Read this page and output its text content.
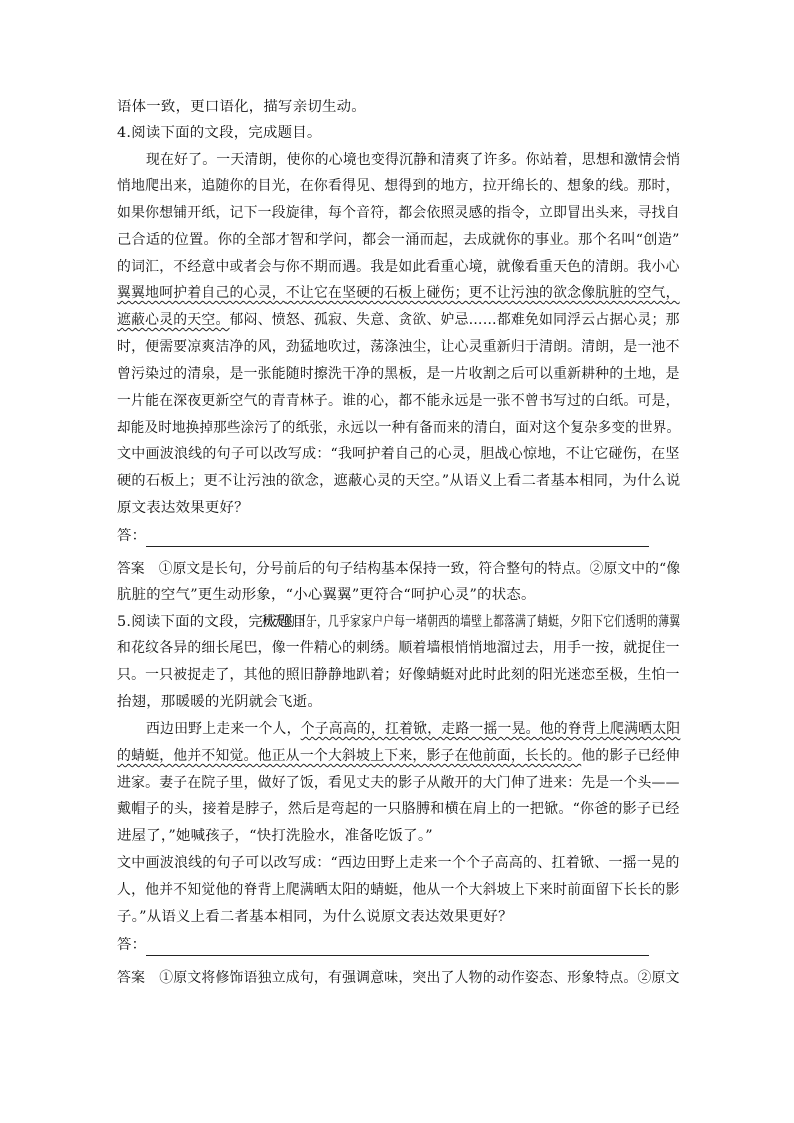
语体一致，更口语化，描写亲切生动。
4.阅读下面的文段，完成题目。
现在好了。一天清朗，使你的心境也变得沉静和清爽了许多。你站着，思想和激情会悄
悄地爬出来，追随你的目光，在你看得见、想得到的地方，拉开绵长的、想象的线。那时，
如果你想铺开纸，记下一段旋律，每个音符，都会依照灵感的指令，立即冒出头来，寻找自
己合适的位置。你的全部才智和学问，都会一涌而起，去成就你的事业。那个名叫“创造”
的词汇，不经意中或者会与你不期而遇。我是如此看重心境，就像看重天色的清朗。我小心
翼翼地呵护着自己的心灵，不让它在坚硬的石板上碰伤；更不让污浊的欲念像肮脏的空气，
遮蔽心灵的天空。郁闷、愤怒、孤寂、失意、贪欲、妒忌……都难免如同浮云占据心灵；那
时，便需要凉爽洁净的风，劲猛地吹过，荡涤浊尘，让心灵重新归于清朗。清朗，是一池不
曾污染过的清泉，是一张能随时擦洗干净的黑板，是一片收割之后可以重新耕种的土地，是
一片能在深夜更新空气的青青林子。谁的心，都不能永远是一张不曾书写过的白纸。可是，
却能及时地换掉那些涂污了的纸张，永远以一种有备而来的清白，面对这个复杂多变的世界。
文中画波浪线的句子可以改写成：“我呵护着自己的心灵，胆战心惊地，不让它碰伤，在坚
硬的石板上；更不让污浊的欲念，遮蔽心灵的天空。”从语义上看二者基本相同，为什么说
原文表达效果更好？
答：
答案　①原文是长句，分号前后的句子结构基本保持一致，符合整句的特点。②原文中的“像
肮脏的空气”更生动形象，“小心翼翼”更符合“呵护心灵”的状态。
5.阅读下面的文段，完成题目。
秋天的下午，几乎家家户户每一堵朝西的墙壁上都落满了蜻蜓，夕阳下它们透明的薄翼
和花纹各异的细长尾巴，像一件精心的刺绣。顺着墙根悄悄地溜过去，用手一按，就捉住一
只。一只被捉走了，其他的照旧静静地趴着；好像蜻蜓对此时此刻的阳光迷恋至极，生怕一
抬翅，那暖暖的光阴就会飞逝。
西边田野上走来一个人，个子高高的，扛着锨，走路一摇一晃。他的脊背上爬满晒太阳
的蜻蜓，他并不知觉。他正从一个大斜坡上下来，影子在他前面，长长的。他的影子已经伸
进家。妻子在院子里，做好了饭，看见丈夫的影子从敞开的大门伸了进来：先是一个头——
戴帽子的头，接着是脖子，然后是弯起的一只胳膊和横在肩上的一把锨。“你爸的影子已经
进屋了，”她喊孩子，“快打洗脸水，准备吃饭了。”
文中画波浪线的句子可以改写成：“西边田野上走来一个个子高高的、扛着锨、一摇一晃的
人，他并不知觉他的脊背上爬满晒太阳的蜻蜓，他从一个大斜坡上下来时前面留下长长的影
子。”从语义上看二者基本相同，为什么说原文表达效果更好？
答：
答案　①原文将修饰语独立成句，有强调意味，突出了人物的动作姿态、形象特点。②原文
